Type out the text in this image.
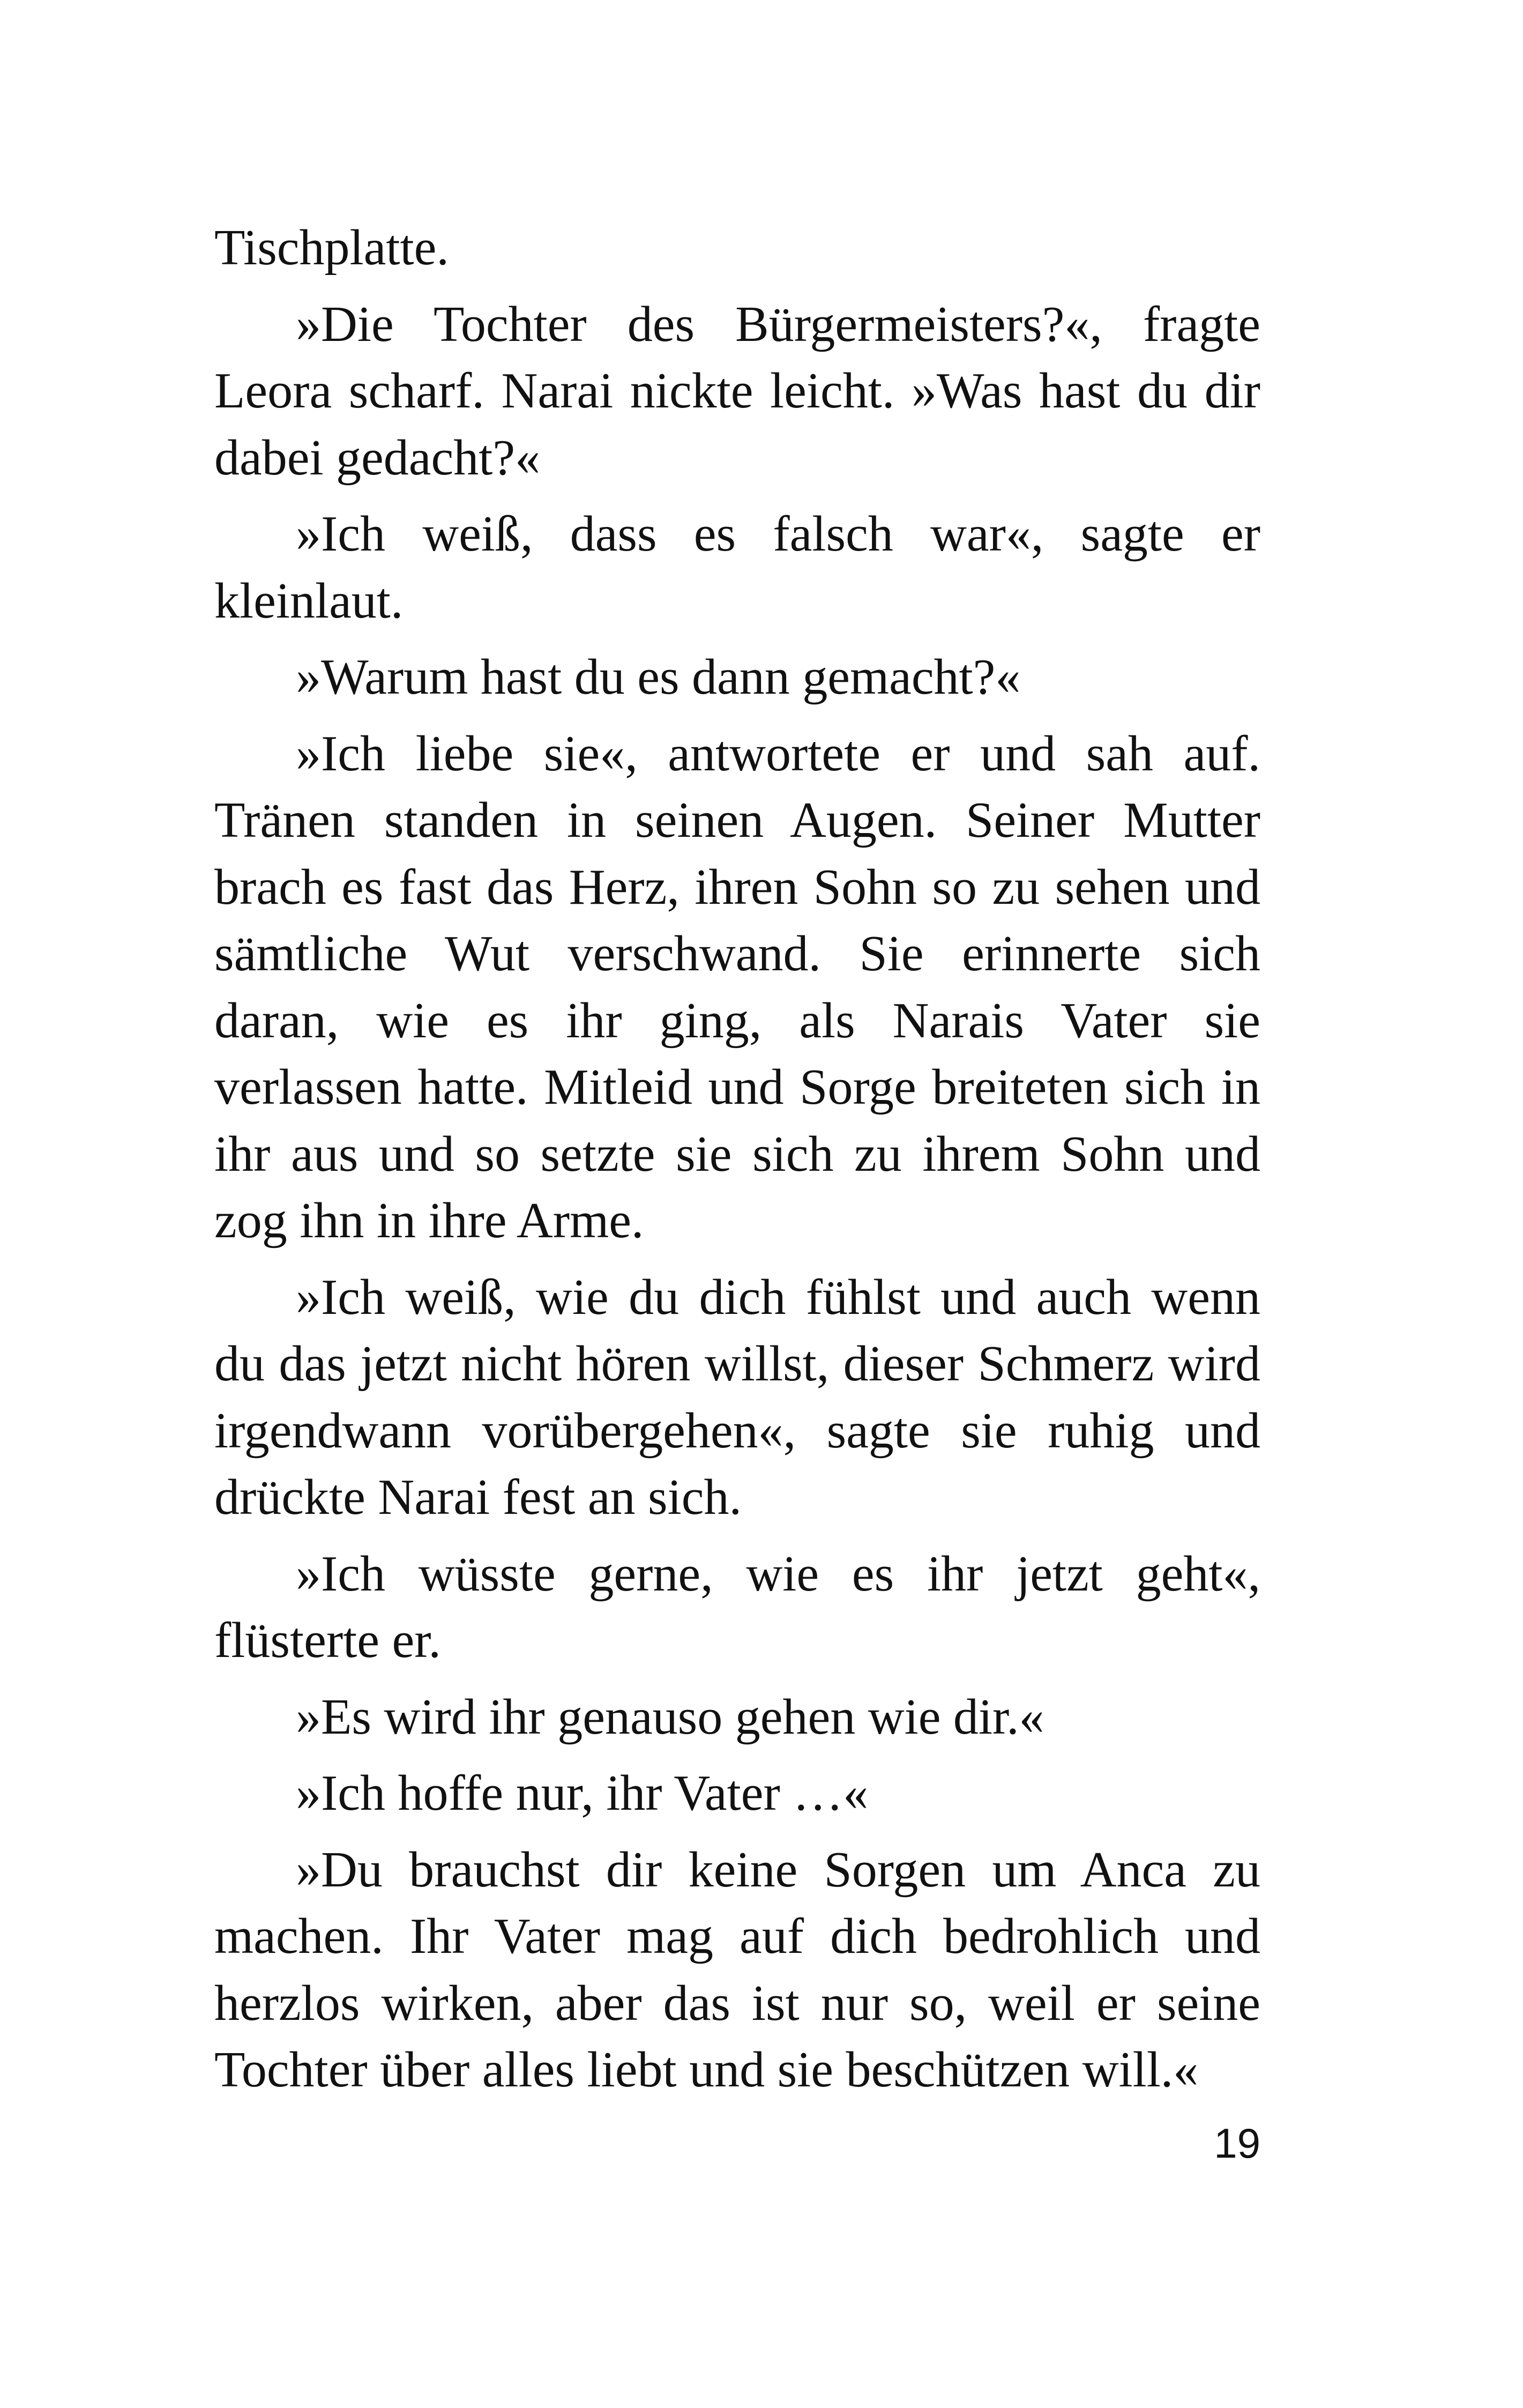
Tischplatte.

»Die Tochter des Bürgermeisters?«, fragte Leora scharf. Narai nickte leicht. »Was hast du dir dabei gedacht?«

»Ich weiß, dass es falsch war«, sagte er kleinlaut.

»Warum hast du es dann gemacht?«

»Ich liebe sie«, antwortete er und sah auf. Tränen standen in seinen Augen. Seiner Mutter brach es fast das Herz, ihren Sohn so zu sehen und sämtliche Wut verschwand. Sie erinnerte sich daran, wie es ihr ging, als Narais Vater sie verlassen hatte. Mitleid und Sorge breiteten sich in ihr aus und so setzte sie sich zu ihrem Sohn und zog ihn in ihre Arme.

»Ich weiß, wie du dich fühlst und auch wenn du das jetzt nicht hören willst, dieser Schmerz wird irgendwann vorübergehen«, sagte sie ruhig und drückte Narai fest an sich.

»Ich wüsste gerne, wie es ihr jetzt geht«, flüsterte er.

»Es wird ihr genauso gehen wie dir.«

»Ich hoffe nur, ihr Vater …«

»Du brauchst dir keine Sorgen um Anca zu machen. Ihr Vater mag auf dich bedrohlich und herzlos wirken, aber das ist nur so, weil er seine Tochter über alles liebt und sie beschützen will.«

19
